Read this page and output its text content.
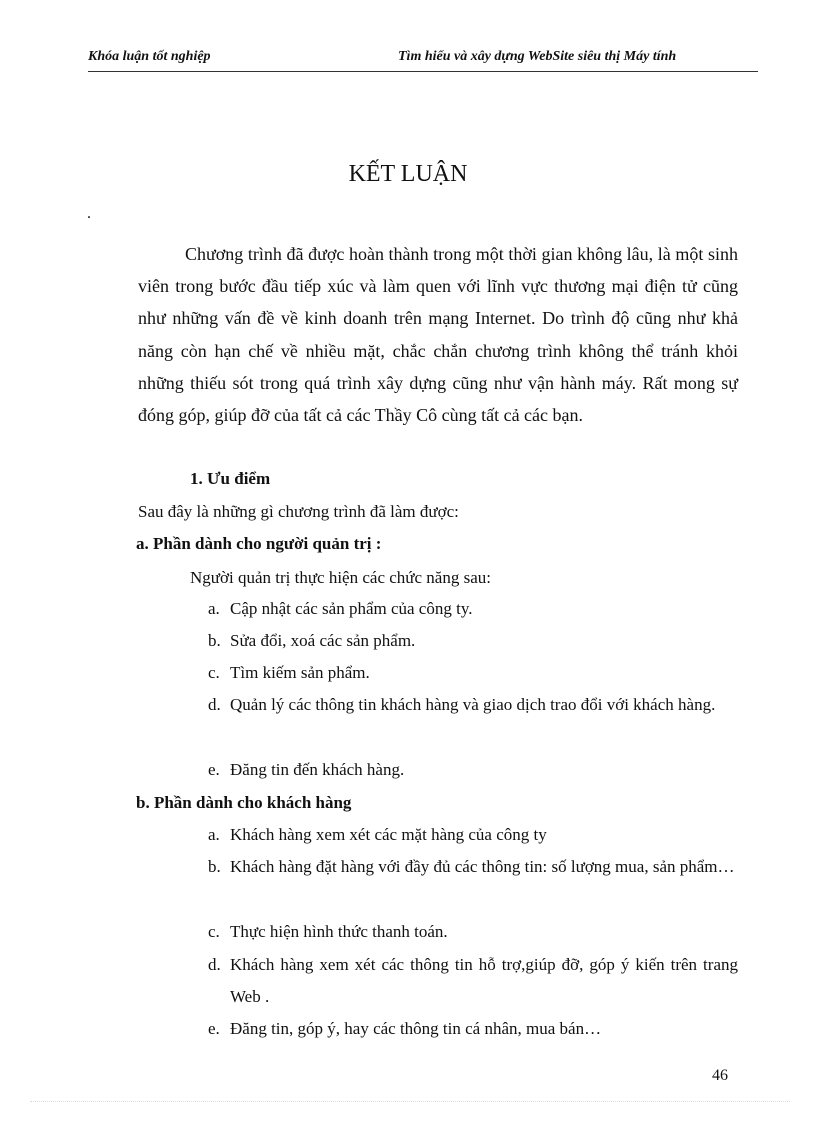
Khóa luận tốt nghiệp	Tìm hiểu và xây dựng WebSite siêu thị Máy tính
KẾT LUẬN
.

Chương trình đã được hoàn thành trong một thời gian không lâu, là một sinh viên trong bước đầu tiếp xúc và làm quen với lĩnh vực thương mại điện tử cũng như những vấn đề về kinh doanh trên mạng Internet. Do trình độ cũng như khả năng còn hạn chế về nhiều mặt, chắc chắn chương trình không thể tránh khỏi những thiếu sót trong quá trình xây dựng cũng như vận hành máy. Rất mong sự đóng góp, giúp đỡ của tất cả các Thầy Cô cùng tất cả các bạn.

1. Ưu điểm
Sau đây là những gì chương trình đã làm được:
a. Phần dành cho người quản trị :
Người quản trị thực hiện các chức năng sau:
a. Cập nhật các sản phẩm của công ty.
b. Sửa đổi, xoá các sản phẩm.
c. Tìm kiếm sản phẩm.
d. Quản lý các thông tin khách hàng và giao dịch trao đổi với khách hàng.
e. Đăng tin đến khách hàng.
b. Phần dành cho khách hàng
a. Khách hàng xem xét các mặt hàng của công ty
b. Khách hàng đặt hàng với đầy đủ các thông tin: số lượng mua, sản phẩm…
c. Thực hiện hình thức thanh toán.
d. Khách hàng xem xét các thông tin hỗ trợ,giúp đỡ, góp ý kiến trên trang Web .
e. Đăng tin, góp ý, hay các thông tin cá nhân, mua bán…
46
